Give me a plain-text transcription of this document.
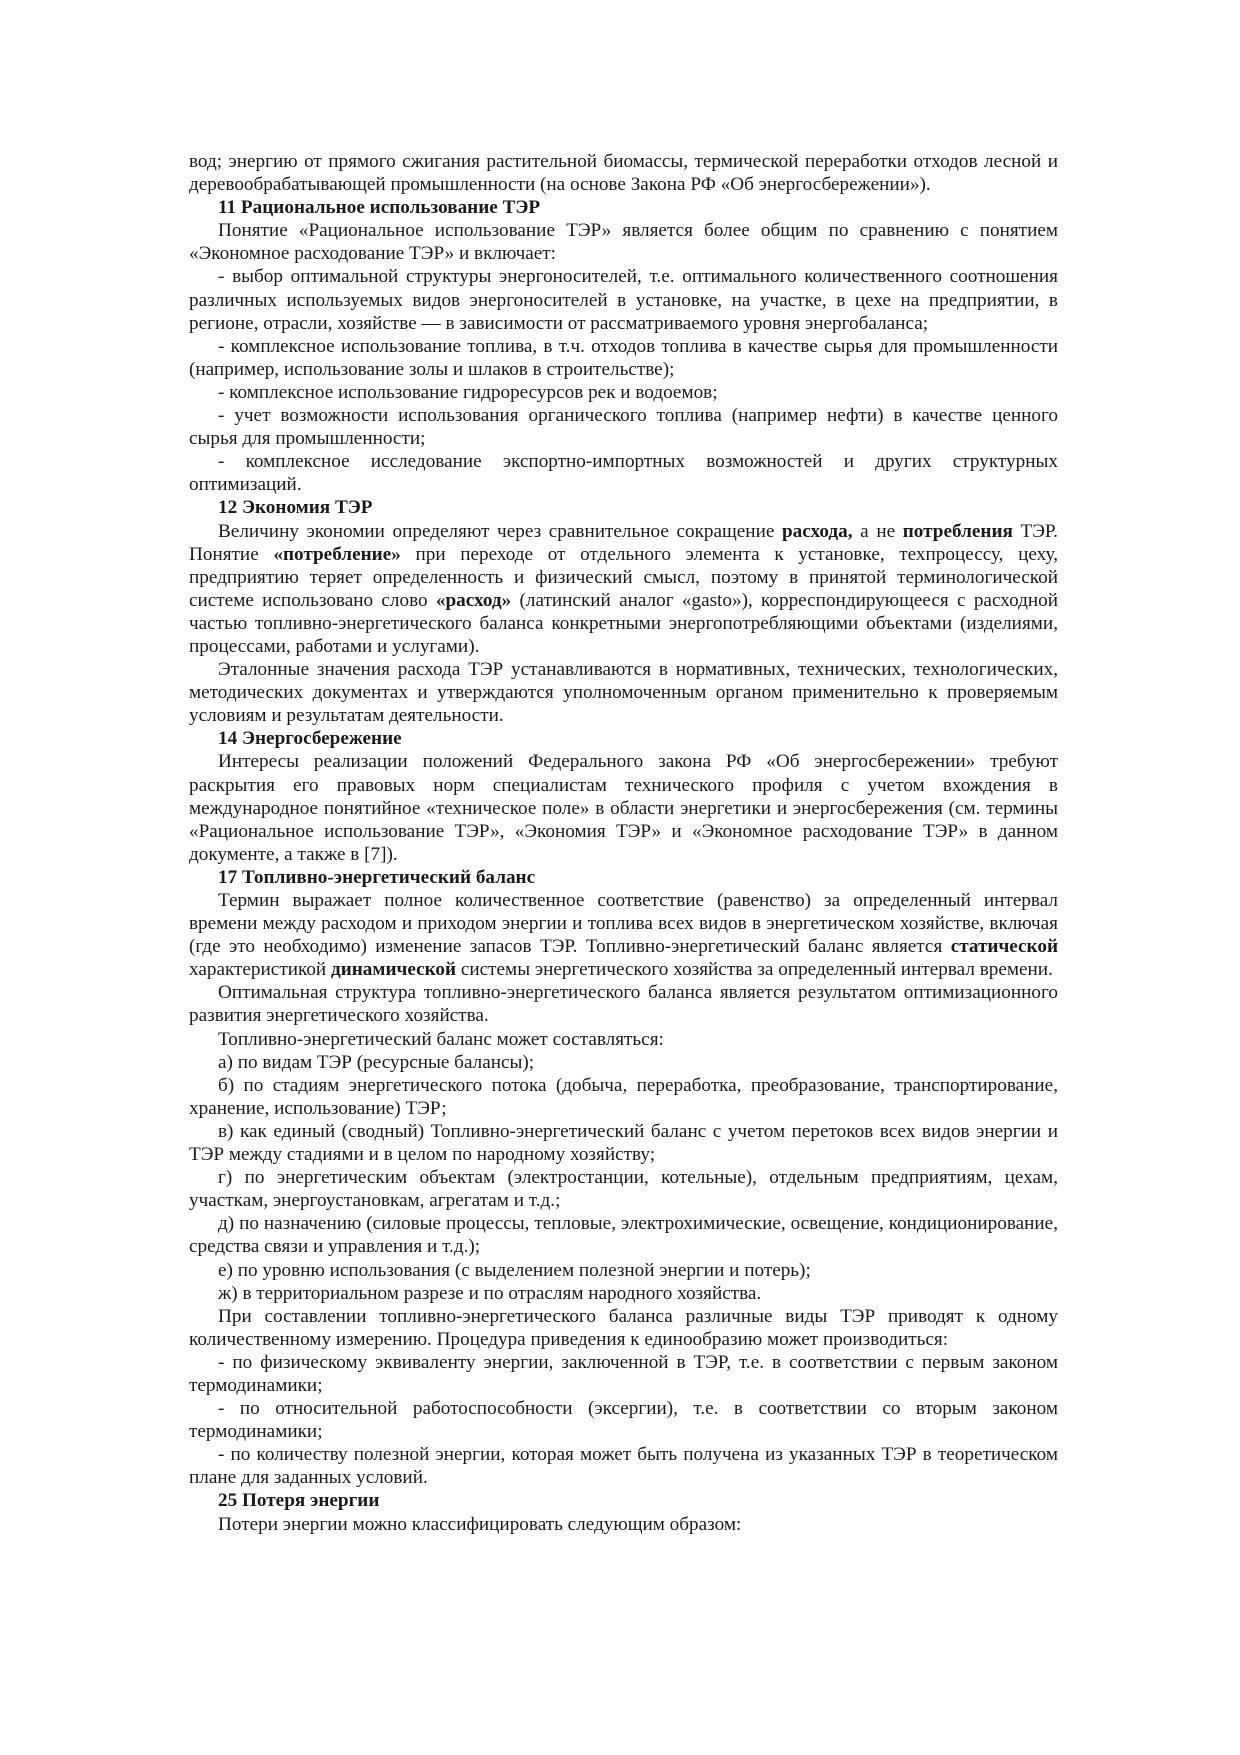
вод; энергию от прямого сжигания растительной биомассы, термической переработки отходов лесной и деревообрабатывающей промышленности (на основе Закона РФ «Об энергосбережении»).

11 Рациональное использование ТЭР

Понятие «Рациональное использование ТЭР» является более общим по сравнению с понятием «Экономное расходование ТЭР» и включает:

- выбор оптимальной структуры энергоносителей, т.е. оптимального количественного соотношения различных используемых видов энергоносителей в установке, на участке, в цехе на предприятии, в регионе, отрасли, хозяйстве — в зависимости от рассматриваемого уровня энергобаланса;

- комплексное использование топлива, в т.ч. отходов топлива в качестве сырья для промышленности (например, использование золы и шлаков в строительстве);

- комплексное использование гидроресурсов рек и водоемов;

- учет возможности использования органического топлива (например нефти) в качестве ценного сырья для промышленности;

- комплексное исследование экспортно-импортных возможностей и других структурных оптимизаций.

12 Экономия ТЭР

Величину экономии определяют через сравнительное сокращение расхода, а не потребления ТЭР. Понятие «потребление» при переходе от отдельного элемента к установке, техпроцессу, цеху, предприятию теряет определенность и физический смысл, поэтому в принятой терминологической системе использовано слово «расход» (латинский аналог «gasto»), корреспондирующееся с расходной частью топливно-энергетического баланса конкретными энергопотребляющими объектами (изделиями, процессами, работами и услугами).

Эталонные значения расхода ТЭР устанавливаются в нормативных, технических, технологических, методических документах и утверждаются уполномоченным органом применительно к проверяемым условиям и результатам деятельности.

14 Энергосбережение

Интересы реализации положений Федерального закона РФ «Об энергосбережении» требуют раскрытия его правовых норм специалистам технического профиля с учетом вхождения в международное понятийное «техническое поле» в области энергетики и энергосбережения (см. термины «Рациональное использование ТЭР», «Экономия ТЭР» и «Экономное расходование ТЭР» в данном документе, а также в [7]).

17 Топливно-энергетический баланс

Термин выражает полное количественное соответствие (равенство) за определенный интервал времени между расходом и приходом энергии и топлива всех видов в энергетическом хозяйстве, включая (где это необходимо) изменение запасов ТЭР. Топливно-энергетический баланс является статической характеристикой динамической системы энергетического хозяйства за определенный интервал времени.

Оптимальная структура топливно-энергетического баланса является результатом оптимизационного развития энергетического хозяйства.

Топливно-энергетический баланс может составляться:

а) по видам ТЭР (ресурсные балансы);

б) по стадиям энергетического потока (добыча, переработка, преобразование, транспортирование, хранение, использование) ТЭР;

в) как единый (сводный) Топливно-энергетический баланс с учетом перетоков всех видов энергии и ТЭР между стадиями и в целом по народному хозяйству;

г) по энергетическим объектам (электростанции, котельные), отдельным предприятиям, цехам, участкам, энергоустановкам, агрегатам и т.д.;

д) по назначению (силовые процессы, тепловые, электрохимические, освещение, кондиционирование, средства связи и управления и т.д.);

е) по уровню использования (с выделением полезной энергии и потерь);

ж) в территориальном разрезе и по отраслям народного хозяйства.

При составлении топливно-энергетического баланса различные виды ТЭР приводят к одному количественному измерению. Процедура приведения к единообразию может производиться:

- по физическому эквиваленту энергии, заключенной в ТЭР, т.е. в соответствии с первым законом термодинамики;

- по относительной работоспособности (эксергии), т.е. в соответствии со вторым законом термодинамики;

- по количеству полезной энергии, которая может быть получена из указанных ТЭР в теоретическом плане для заданных условий.

25 Потеря энергии

Потери энергии можно классифицировать следующим образом:
